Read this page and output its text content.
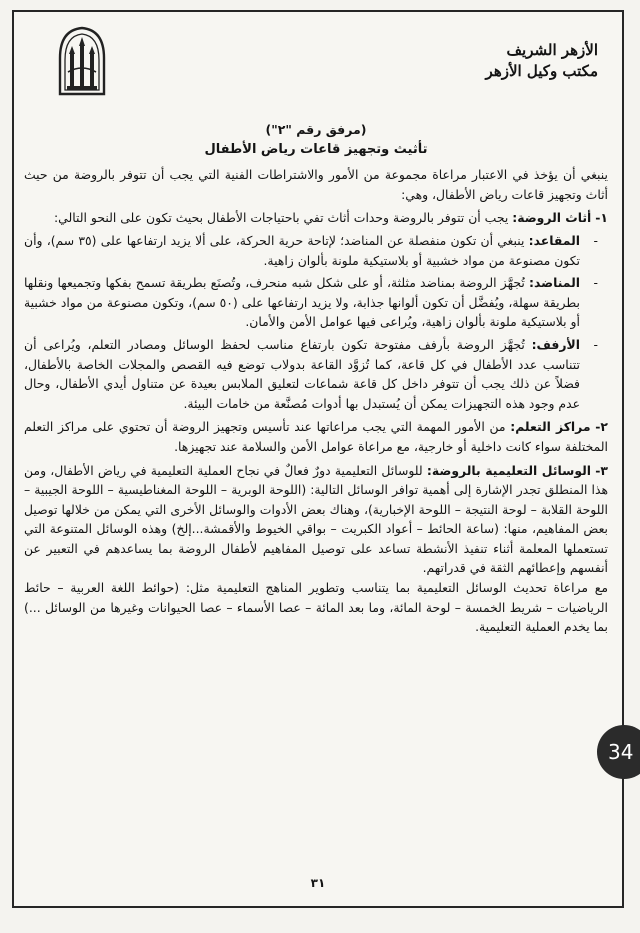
الأزهر الشريف
مكتب وكيل الأزهر
(مرفق رقم "٢")
تأثيث وتجهيز قاعات رياض الأطفال

ينبغي أن يؤخذ في الاعتبار مراعاة مجموعة من الأمور والاشتراطات الفنية التي يجب أن تتوفر بالروضة من حيث أثاث وتجهيز قاعات رياض الأطفال، وهي:

١- أثاث الروضة: يجب أن تتوفر بالروضة وحدات أثاث تفي باحتياجات الأطفال بحيث تكون على النحو التالي:
-
المقاعد: ينبغي أن تكون منفصلة عن المناضد؛ لإتاحة حرية الحركة، على ألا يزيد ارتفاعها على (٣٥ سم)، وأن تكون مصنوعة من مواد خشبية أو بلاستيكية ملونة بألوان زاهية.
-
المناضد: تُجهَّز الروضة بمناضد مثلثة، أو على شكل شبه منحرف، وتُصنَع بطريقة تسمح بفكها وتجميعها ونقلها بطريقة سهلة، ويُفضَّل أن تكون ألوانها جذابة، ولا يزيد ارتفاعها على (٥٠ سم)، وتكون مصنوعة من مواد خشبية أو بلاستيكية ملونة بألوان زاهية، ويُراعى فيها عوامل الأمن والأمان.
-
الأرفف: تُجهَّز الروضة بأرفف مفتوحة تكون بارتفاع مناسب لحفظ الوسائل ومصادر التعلم، ويُراعى أن تتناسب عدد الأطفال في كل قاعة، كما تُزوَّد القاعة بدولاب توضع فيه القصص والمجلات الخاصة بالأطفال، فضلاً عن ذلك يجب أن تتوفر داخل كل قاعة شماعات لتعليق الملابس بعيدة عن متناول أيدي الأطفال، وحال عدم وجود هذه التجهيزات يمكن أن يُستبدل بها أدوات مُصنَّعة من خامات البيئة.
٢- مراكز التعلم: من الأمور المهمة التي يجب مراعاتها عند تأسيس وتجهيز الروضة أن تحتوي على مراكز التعلم المختلفة سواء كانت داخلية أو خارجية، مع مراعاة عوامل الأمن والسلامة عند تجهيزها.
٣- الوسائل التعليمية بالروضة: للوسائل التعليمية دورٌ فعالٌ في نجاح العملية التعليمية في رياض الأطفال، ومن هذا المنطلق تجدر الإشارة إلى أهمية توافر الوسائل التالية: (اللوحة الوبرية – اللوحة المغناطيسية – اللوحة الجيبية – اللوحة القلابة – لوحة النتيجة – اللوحة الإخبارية)، وهناك بعض الأدوات والوسائل الأخرى التي يمكن من خلالها توصيل بعض المفاهيم، منها: (ساعة الحائط – أعواد الكبريت – بواقي الخيوط والأقمشة...إلخ) وهذه الوسائل المتنوعة التي تستعملها المعلمة أثناء تنفيذ الأنشطة تساعد على توصيل المفاهيم لأطفال الروضة بما يساعدهم في التعبير عن أنفسهم وإعطائهم الثقة في قدراتهم.

مع مراعاة تحديث الوسائل التعليمية بما يتناسب وتطوير المناهج التعليمية مثل: (حوائط اللغة العربية – حائط الرياضيات – شريط الخمسة – لوحة المائة، وما بعد المائة – عصا الأسماء – عصا الحيوانات وغيرها من الوسائل ...) بما يخدم العملية التعليمية.

٣١
34
